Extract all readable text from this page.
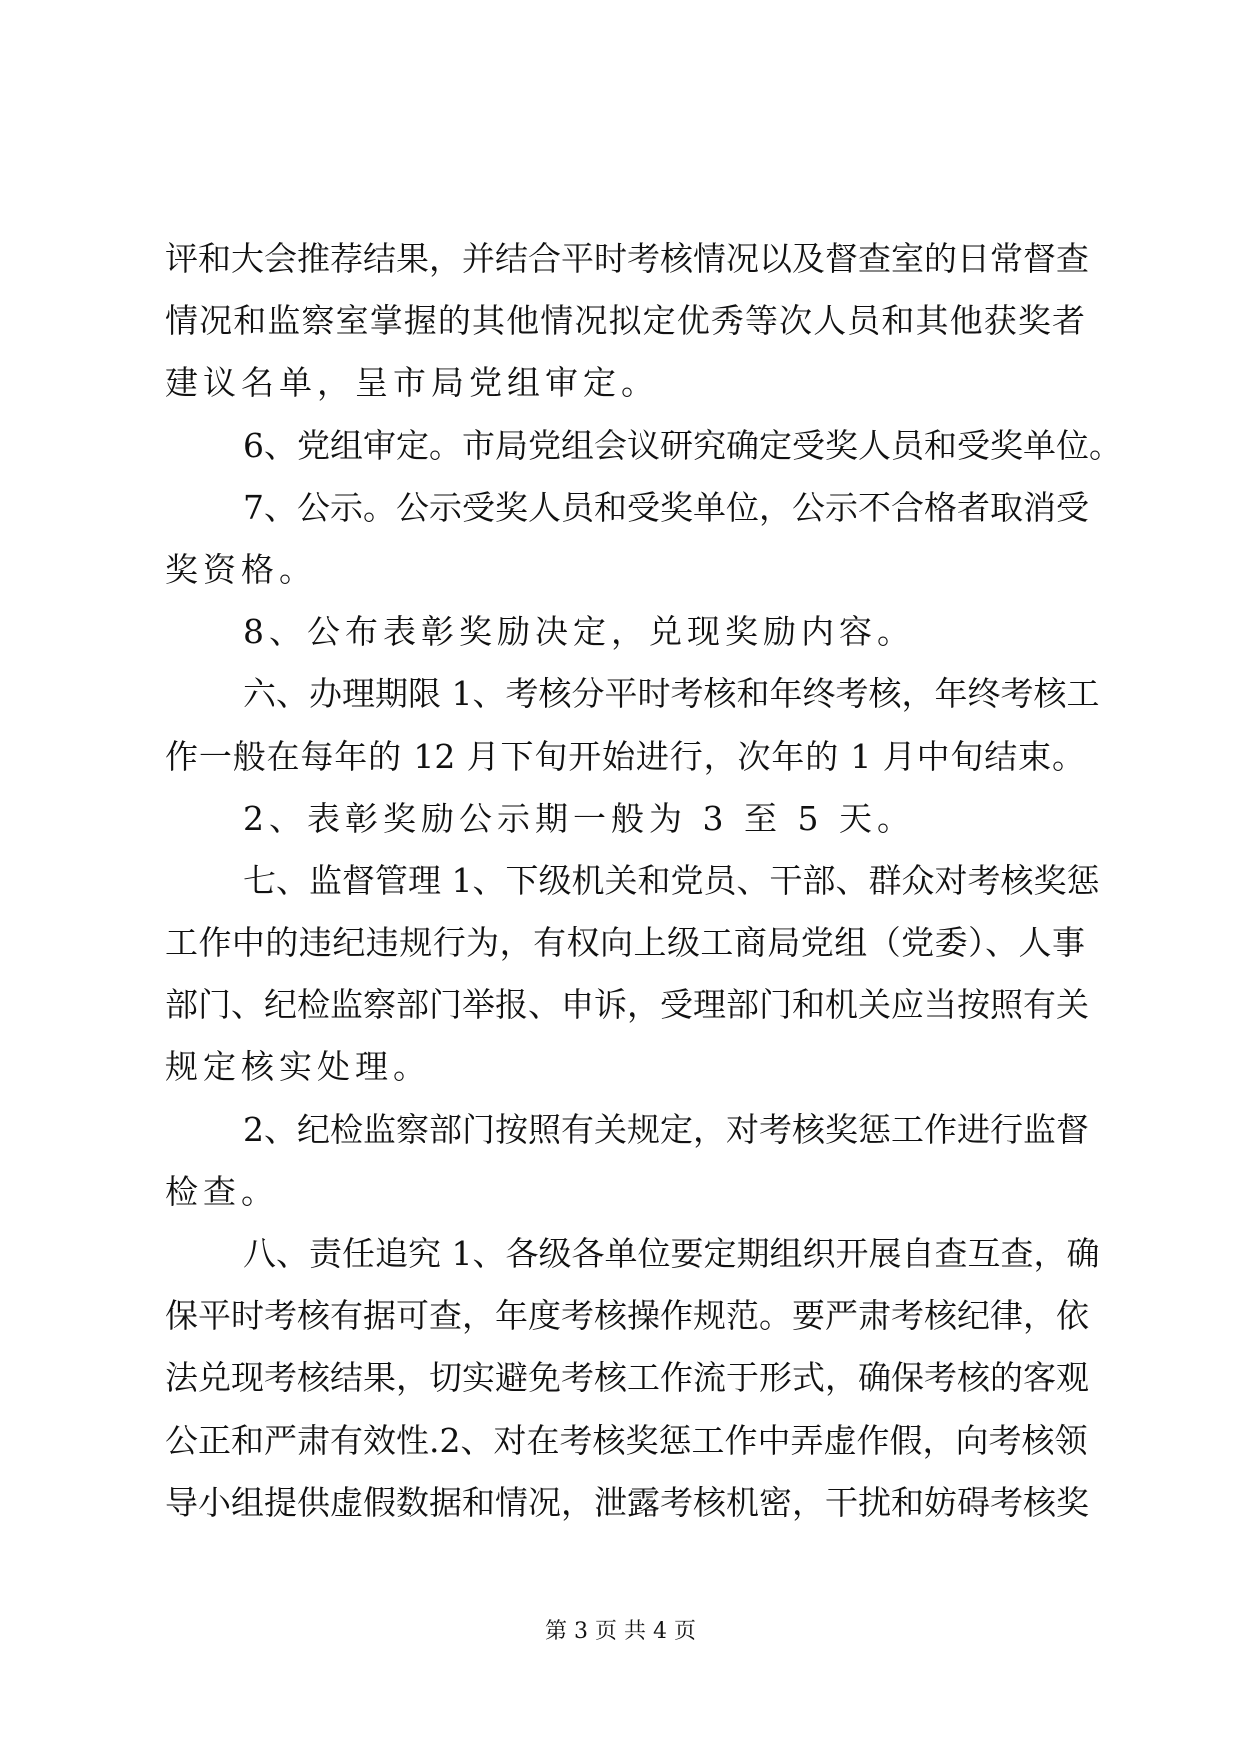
评和大会推荐结果，并结合平时考核情况以及督查室的日常督查
情况和监察室掌握的其他情况拟定优秀等次人员和其他获奖者
建议名单，呈市局党组审定。
6、党组审定。市局党组会议研究确定受奖人员和受奖单位。
7、公示。公示受奖人员和受奖单位，公示不合格者取消受
奖资格。
8、公布表彰奖励决定，兑现奖励内容。
六、办理期限 1、考核分平时考核和年终考核，年终考核工
作一般在每年的 12 月下旬开始进行，次年的 1 月中旬结束。
2、表彰奖励公示期一般为 3 至 5 天。
七、监督管理 1、下级机关和党员、干部、群众对考核奖惩
工作中的违纪违规行为，有权向上级工商局党组（党委）、人事
部门、纪检监察部门举报、申诉，受理部门和机关应当按照有关
规定核实处理。
2、纪检监察部门按照有关规定，对考核奖惩工作进行监督
检查。
八、责任追究 1、各级各单位要定期组织开展自查互查，确
保平时考核有据可查，年度考核操作规范。要严肃考核纪律，依
法兑现考核结果，切实避免考核工作流于形式，确保考核的客观
公正和严肃有效性.2、对在考核奖惩工作中弄虚作假，向考核领
导小组提供虚假数据和情况，泄露考核机密，干扰和妨碍考核奖
第 3 页 共 4 页
